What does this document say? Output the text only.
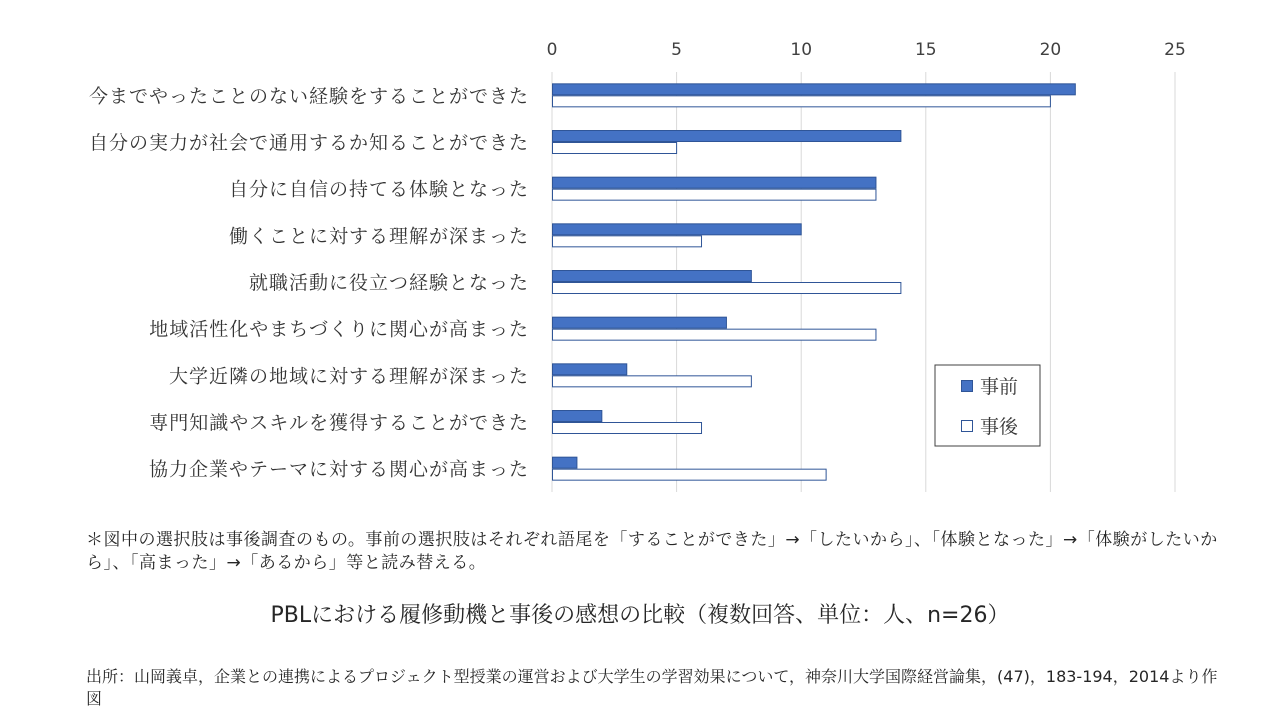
0	5	10	15	20	25
今までやったことのない経験をすることができた
自分の実力が社会で通用するか知ることができた
自分に自信の持てる体験となった
働くことに対する理解が深まった
就職活動に役立つ経験となった
地域活性化やまちづくりに関心が高まった
大学近隣の地域に対する理解が深まった
専門知識やスキルを獲得することができた
協力企業やテーマに対する関心が高まった
事前
事後
＊図中の選択肢は事後調査のもの。事前の選択肢はそれぞれ語尾を「することができた」→「したいから」、「体験となった」→「体験がしたいから」、「高まった」→「あるから」等と読み替える。
PBLにおける履修動機と事後の感想の比較（複数回答、単位：人、n=26）
出所：山岡義卓，企業との連携によるプロジェクト型授業の運営および大学生の学習効果について，神奈川大学国際経営論集，(47)，183-194，2014より作図
